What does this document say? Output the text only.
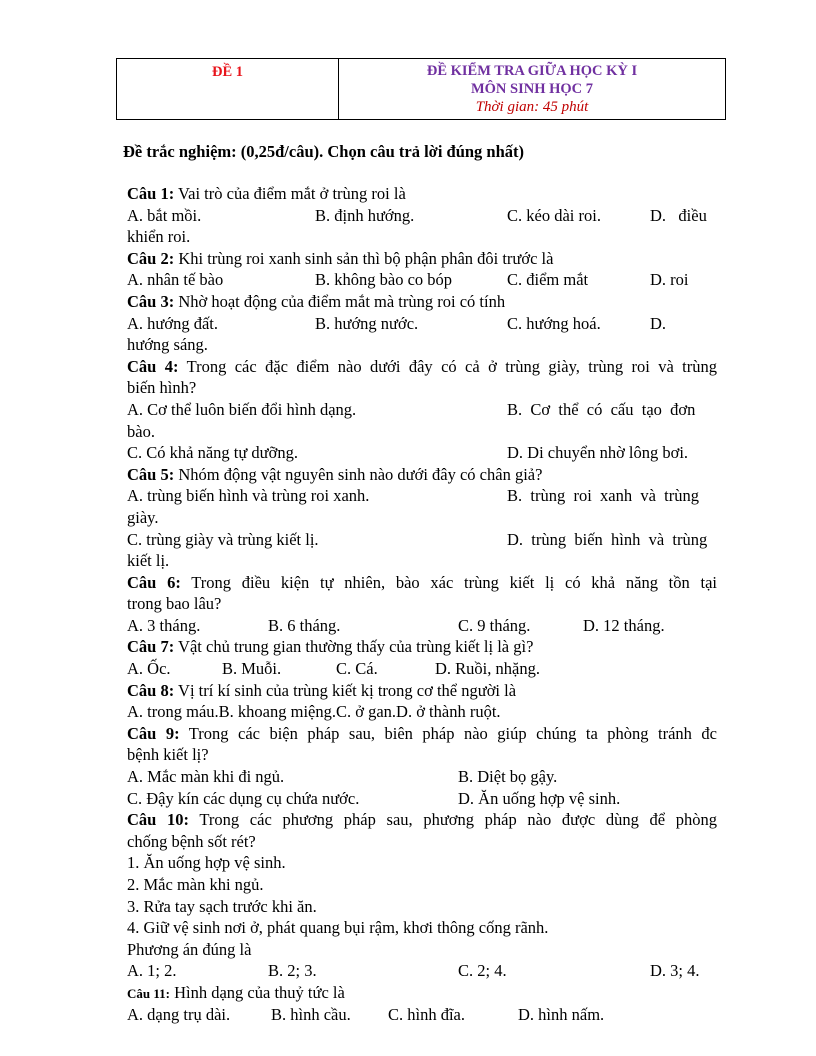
ĐỀ 1	ĐỀ KIỂM TRA GIỮA HỌC KỲ I
MÔN SINH HỌC 7
Thời gian: 45 phút
Đề trắc nghiệm: (0,25đ/câu). Chọn câu trả lời đúng nhất)
Câu 1: Vai trò của điểm mắt ở trùng roi là
A. bắt mồi.	B. định hướng.	C. kéo dài roi.	D.   điều
khiển roi.
Câu 2: Khi trùng roi xanh sinh sản thì bộ phận phân đôi trước là
A. nhân tế bào	B. không bào co bóp	C. điểm mắt	D. roi
Câu 3: Nhờ hoạt động của điểm mắt mà trùng roi có tính
A. hướng đất.	B. hướng nước.	C. hướng hoá.	D.
hướng sáng.
Câu 4: Trong các đặc điểm nào dưới đây có cả ở trùng giày, trùng roi và trùng
biến hình?
A. Cơ thể luôn biến đổi hình dạng.	B.  Cơ  thể  có  cấu  tạo  đơn
bào.
C. Có khả năng tự dưỡng.	D. Di chuyển nhờ lông bơi.
Câu 5: Nhóm động vật nguyên sinh nào dưới đây có chân giả?
A. trùng biến hình và trùng roi xanh.	B.  trùng  roi  xanh  và  trùng
giày.
C. trùng giày và trùng kiết lị.	D.  trùng  biến  hình  và  trùng
kiết lị.
Câu 6: Trong điều kiện tự nhiên, bào xác trùng kiết lị có khả năng tồn tại
trong bao lâu?
A. 3 tháng.	B. 6 tháng.	C. 9 tháng.	D. 12 tháng.
Câu 7: Vật chủ trung gian thường thấy của trùng kiết lị là gì?
A. Ốc.	B. Muỗi.	C. Cá.	D. Ruồi, nhặng.
Câu 8: Vị trí kí sinh của trùng kiết kị trong cơ thể người là
A. trong máu.B. khoang miệng.C. ở gan.D. ở thành ruột.
Câu 9: Trong các biện pháp sau, biên pháp nào giúp chúng ta phòng tránh đc
bệnh kiết lị?
A. Mắc màn khi đi ngủ.	B. Diệt bọ gậy.
C. Đậy kín các dụng cụ chứa nước.	D. Ăn uống hợp vệ sinh.
Câu 10: Trong các phương pháp sau, phương pháp nào được dùng để phòng
chống bệnh sốt rét?
1. Ăn uống hợp vệ sinh.
2. Mắc màn khi ngủ.
3. Rửa tay sạch trước khi ăn.
4. Giữ vệ sinh nơi ở, phát quang bụi rậm, khơi thông cống rãnh.
Phương án đúng là
A. 1; 2.	B. 2; 3.	C. 2; 4.	D. 3; 4.
Câu 11: Hình dạng của thuỷ tức là
A. dạng trụ dài. B. hình cầu. C. hình đĩa.	D. hình nấm.
